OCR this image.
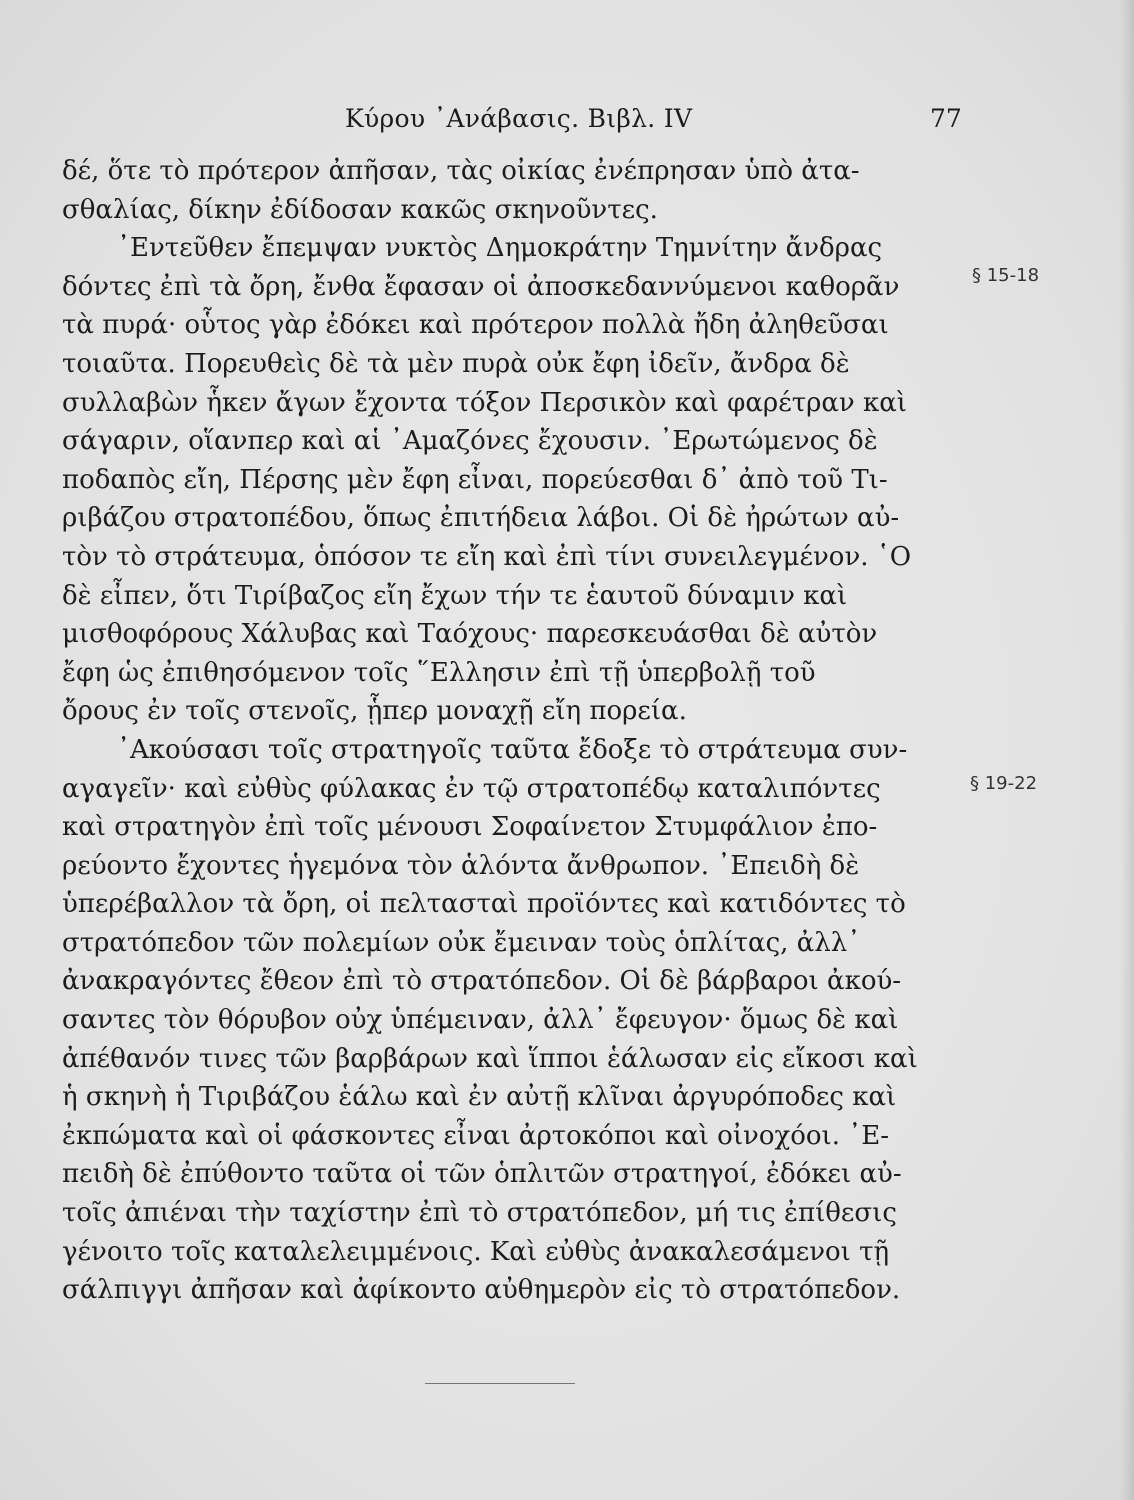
Κύρου ᾿Ανάβασις. Βιβλ. IV	77
§ 15-18
§ 19-22
δέ, ὅτε τὸ πρότερον ἀπῆσαν, τὰς οἰκίας ἐνέπρησαν ὑπὸ ἀτα-
σθαλίας, δίκην ἐδίδοσαν κακῶς σκηνοῦντες.
᾿Εντεῦθεν ἔπεμψαν νυκτὸς Δημοκράτην Τημνίτην ἄνδρας
δόντες ἐπὶ τὰ ὄρη, ἔνθα ἔφασαν οἱ ἀποσκεδαννύμενοι καθορᾶν
τὰ πυρά· οὗτος γὰρ ἐδόκει καὶ πρότερον πολλὰ ἤδη ἀληθεῦσαι
τοιαῦτα. Πορευθεὶς δὲ τὰ μὲν πυρὰ οὐκ ἔφη ἰδεῖν, ἄνδρα δὲ
συλλαβὼν ἧκεν ἄγων ἔχοντα τόξον Περσικὸν καὶ φαρέτραν καὶ
σάγαριν, οἵανπερ καὶ αἱ ᾿Αμαζόνες ἔχουσιν. ᾿Ερωτώμενος δὲ
ποδαπὸς εἴη, Πέρσης μὲν ἔφη εἶναι, πορεύεσθαι δ᾿ ἀπὸ τοῦ Τι-
ριβάζου στρατοπέδου, ὅπως ἐπιτήδεια λάβοι. Οἱ δὲ ἠρώτων αὐ-
τὸν τὸ στράτευμα, ὁπόσον τε εἴη καὶ ἐπὶ τίνι συνειλεγμένον. ῾Ο
δὲ εἶπεν, ὅτι Τιρίβαζος εἴη ἔχων τήν τε ἑαυτοῦ δύναμιν καὶ
μισθοφόρους Χάλυβας καὶ Ταόχους· παρεσκευάσθαι δὲ αὐτὸν
ἔφη ὡς ἐπιθησόμενον τοῖς ῞Ελλησιν ἐπὶ τῇ ὑπερβολῇ τοῦ
ὄρους ἐν τοῖς στενοῖς, ᾗπερ μοναχῇ εἴη πορεία.
᾿Ακούσασι τοῖς στρατηγοῖς ταῦτα ἔδοξε τὸ στράτευμα συν-
αγαγεῖν· καὶ εὐθὺς φύλακας ἐν τῷ στρατοπέδῳ καταλιπόντες
καὶ στρατηγὸν ἐπὶ τοῖς μένουσι Σοφαίνετον Στυμφάλιον ἐπο-
ρεύοντο ἔχοντες ἡγεμόνα τὸν ἁλόντα ἄνθρωπον. ᾿Επειδὴ δὲ
ὑπερέβαλλον τὰ ὄρη, οἱ πελτασταὶ προϊόντες καὶ κατιδόντες τὸ
στρατόπεδον τῶν πολεμίων οὐκ ἔμειναν τοὺς ὁπλίτας, ἀλλ᾿
ἀνακραγόντες ἔθεον ἐπὶ τὸ στρατόπεδον. Οἱ δὲ βάρβαροι ἀκού-
σαντες τὸν θόρυβον οὐχ ὑπέμειναν, ἀλλ᾿ ἔφευγον· ὅμως δὲ καὶ
ἀπέθανόν τινες τῶν βαρβάρων καὶ ἵπποι ἑάλωσαν εἰς εἴκοσι καὶ
ἡ σκηνὴ ἡ Τιριβάζου ἑάλω καὶ ἐν αὐτῇ κλῖναι ἀργυρόποδες καὶ
ἐκπώματα καὶ οἱ φάσκοντες εἶναι ἀρτοκόποι καὶ οἰνοχόοι. ᾿Ε-
πειδὴ δὲ ἐπύθοντο ταῦτα οἱ τῶν ὁπλιτῶν στρατηγοί, ἐδόκει αὐ-
τοῖς ἀπιέναι τὴν ταχίστην ἐπὶ τὸ στρατόπεδον, μή τις ἐπίθεσις
γένοιτο τοῖς καταλελειμμένοις. Καὶ εὐθὺς ἀνακαλεσάμενοι τῇ
σάλπιγγι ἀπῆσαν καὶ ἀφίκοντο αὐθημερὸν εἰς τὸ στρατόπεδον.
